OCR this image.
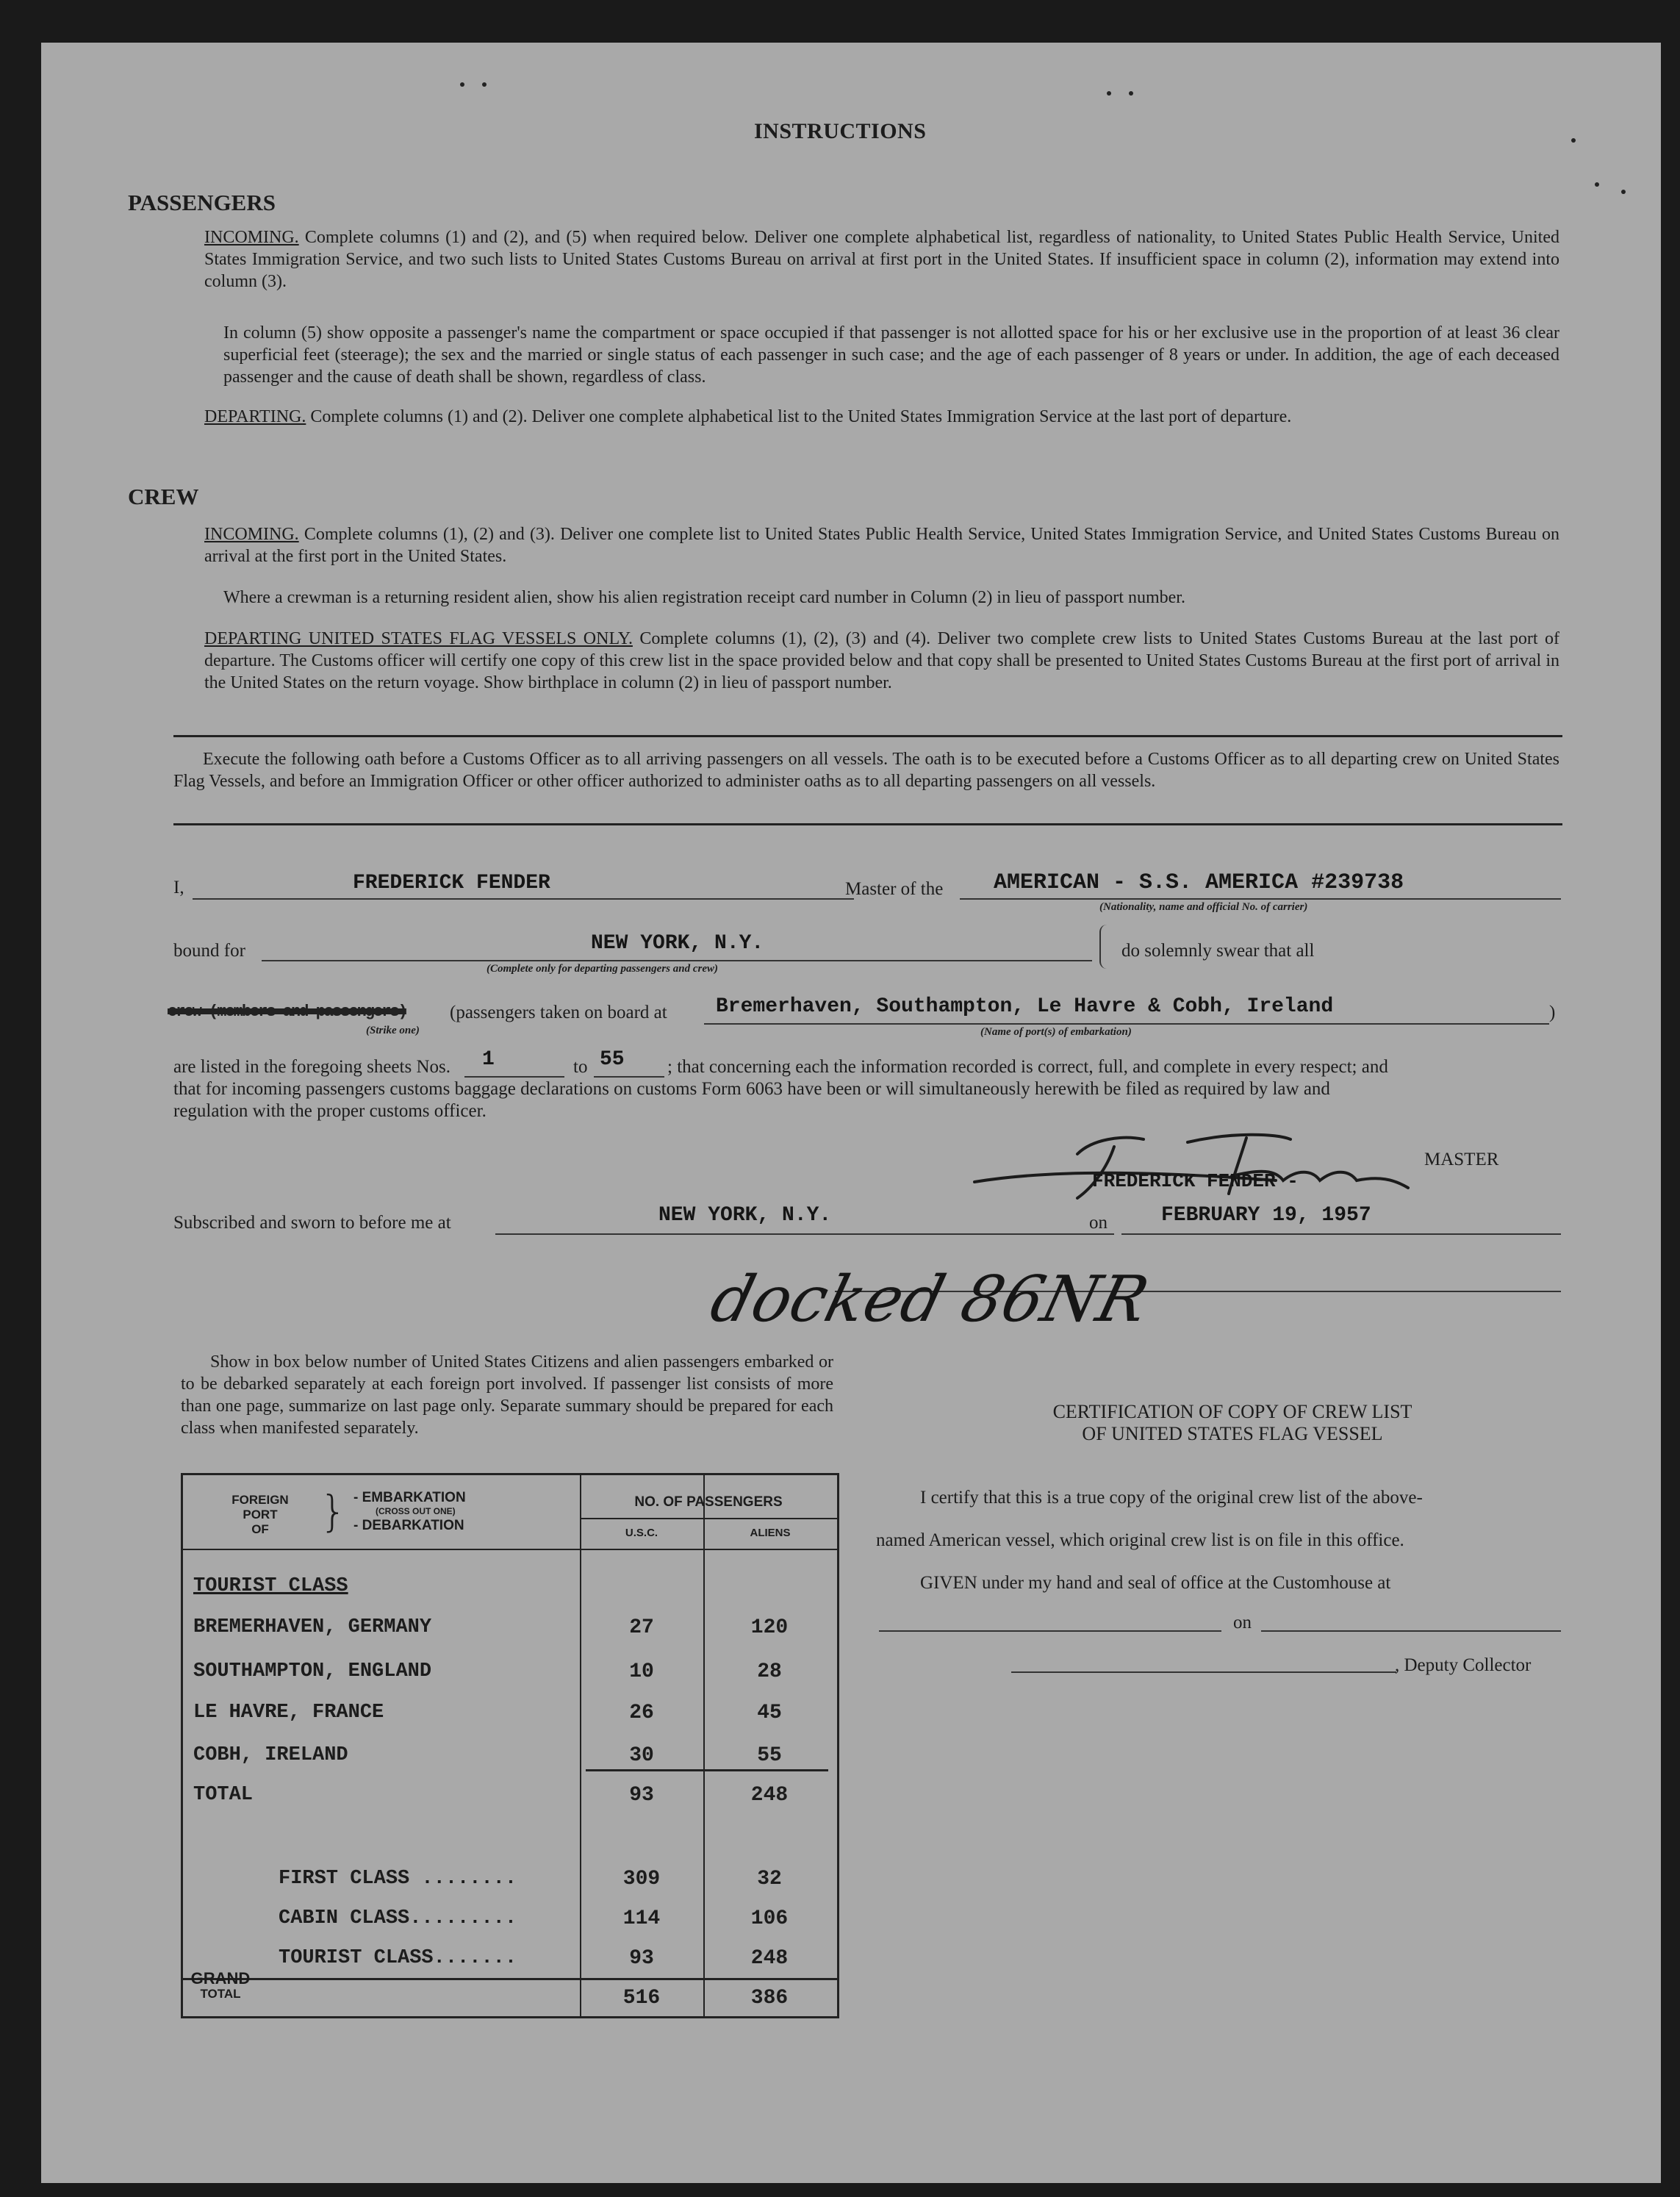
INSTRUCTIONS
PASSENGERS
INCOMING. Complete columns (1) and (2), and (5) when required below. Deliver one complete alphabetical list, regardless of nationality, to United States Public Health Service, United States Immigration Service, and two such lists to United States Customs Bureau on arrival at first port in the United States. If insufficient space in column (2), information may extend into column (3).
In column (5) show opposite a passenger's name the compartment or space occupied if that passenger is not allotted space for his or her exclusive use in the proportion of at least 36 clear superficial feet (steerage); the sex and the married or single status of each passenger in such case; and the age of each passenger of 8 years or under. In addition, the age of each deceased passenger and the cause of death shall be shown, regardless of class.
DEPARTING. Complete columns (1) and (2). Deliver one complete alphabetical list to the United States Immigration Service at the last port of departure.
CREW
INCOMING. Complete columns (1), (2) and (3). Deliver one complete list to United States Public Health Service, United States Immigration Service, and United States Customs Bureau on arrival at the first port in the United States.
Where a crewman is a returning resident alien, show his alien registration receipt card number in Column (2) in lieu of passport number.
DEPARTING UNITED STATES FLAG VESSELS ONLY. Complete columns (1), (2), (3) and (4). Deliver two complete crew lists to United States Customs Bureau at the last port of departure. The Customs officer will certify one copy of this crew list in the space provided below and that copy shall be presented to United States Customs Bureau at the first port of arrival in the United States on the return voyage. Show birthplace in column (2) in lieu of passport number.
Execute the following oath before a Customs Officer as to all arriving passengers on all vessels. The oath is to be executed before a Customs Officer as to all departing crew on United States Flag Vessels, and before an Immigration Officer or other officer authorized to administer oaths as to all departing passengers on all vessels.
I,	FREDERICK FENDER	Master of the AMERICAN - S.S. AMERICA #239738
(Nationality, name and official No. of carrier)
bound for	NEW YORK, N.Y.
(Complete only for departing passengers and crew)
do solemnly swear that all
crew (members and passengers)
(Strike one)
(passengers taken on board at Bremerhaven, Southampton, Le Havre & Cobh, Ireland	)
(Name of port(s) of embarkation)
are listed in the foregoing sheets Nos. 1	to 55 ; that concerning each the information recorded is correct, full, and complete in every respect; and
that for incoming passengers customs baggage declarations on customs Form 6063 have been or will simultaneously herewith be filed as required by law and
regulation with the proper customs officer.
MASTER
FREDERICK FENDER -
Subscribed and sworn to before me at	NEW YORK, N.Y.	on	FEBRUARY 19, 1957
docked 86NR
Show in box below number of United States Citizens and alien passengers embarked or to be debarked separately at each foreign port involved. If passenger list consists of more than one page, summarize on last page only. Separate summary should be prepared for each class when manifested separately.
FOREIGN
PORT
OF	} - EMBARKATION
(CROSS OUT ONE)
- DEBARKATION
NO. OF PASSENGERS
U.S.C.	ALIENS
TOURIST CLASS
BREMERHAVEN, GERMANY	27	120
SOUTHAMPTON, ENGLAND	10	28
LE HAVRE, FRANCE	26	45
COBH, IRELAND	30	55
TOTAL	93	248
FIRST CLASS ........	309	32
CABIN CLASS.........	114	106
TOURIST CLASS.......	93	248
GRAND
TOTAL	516	386
CERTIFICATION OF COPY OF CREW LIST
OF UNITED STATES FLAG VESSEL
I certify that this is a true copy of the original crew list of the above-
named American vessel, which original crew list is on file in this office.
GIVEN under my hand and seal of office at the Customhouse at
on
, Deputy Collector
